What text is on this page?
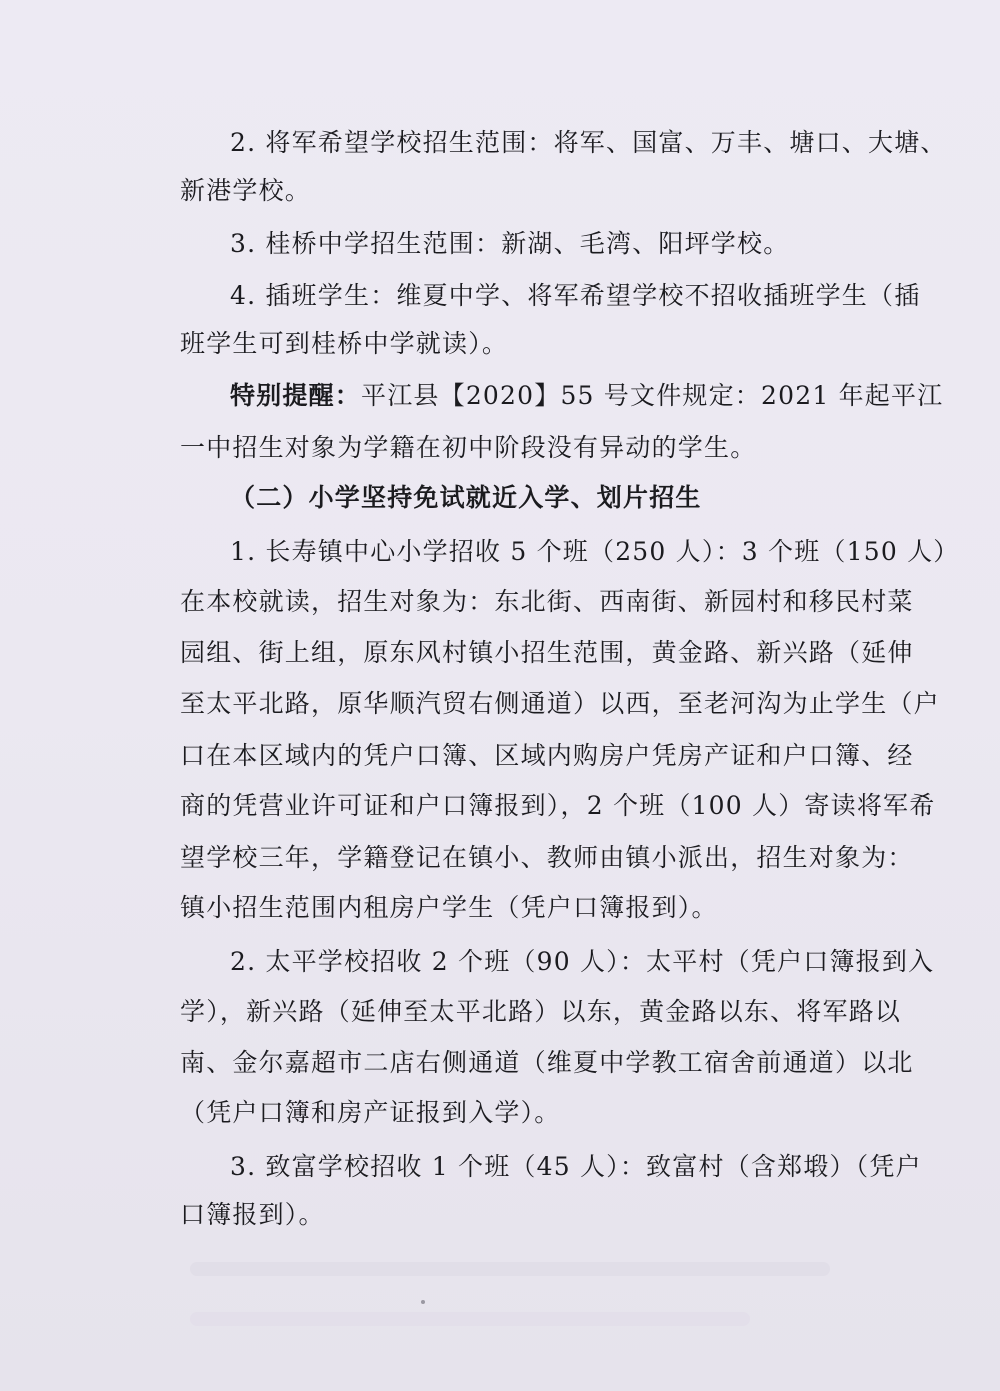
2. 将军希望学校招生范围：将军、国富、万丰、塘口、大塘、
新港学校。
3. 桂桥中学招生范围：新湖、毛湾、阳坪学校。
4. 插班学生：维夏中学、将军希望学校不招收插班学生（插
班学生可到桂桥中学就读）。
特别提醒：平江县【2020】55 号文件规定：2021 年起平江
一中招生对象为学籍在初中阶段没有异动的学生。
（二）小学坚持免试就近入学、划片招生
1. 长寿镇中心小学招收 5 个班（250 人）：3 个班（150 人）
在本校就读，招生对象为：东北街、西南街、新园村和移民村菜
园组、街上组，原东风村镇小招生范围，黄金路、新兴路（延伸
至太平北路，原华顺汽贸右侧通道）以西，至老河沟为止学生（户
口在本区域内的凭户口簿、区域内购房户凭房产证和户口簿、经
商的凭营业许可证和户口簿报到），2 个班（100 人）寄读将军希
望学校三年，学籍登记在镇小、教师由镇小派出，招生对象为：
镇小招生范围内租房户学生（凭户口簿报到）。
2. 太平学校招收 2 个班（90 人）：太平村（凭户口簿报到入
学），新兴路（延伸至太平北路）以东，黄金路以东、将军路以
南、金尔嘉超市二店右侧通道（维夏中学教工宿舍前通道）以北
（凭户口簿和房产证报到入学）。
3. 致富学校招收 1 个班（45 人）：致富村（含郑塅）（凭户
口簿报到）。
